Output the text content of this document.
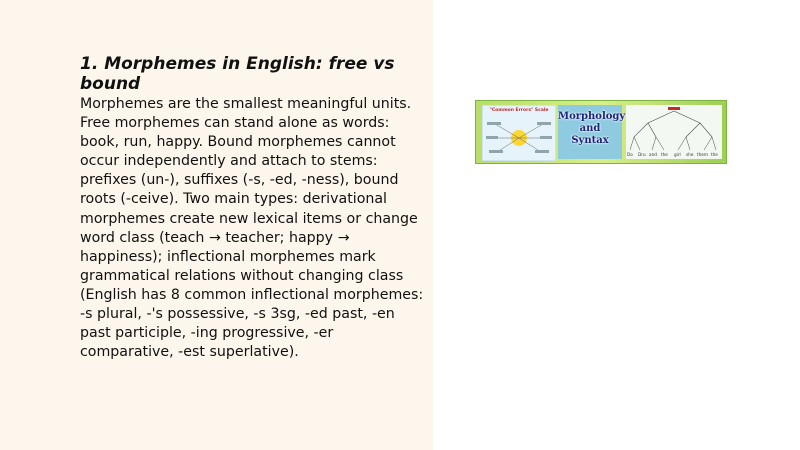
1. Morphemes in English: free vs bound

Morphemes are the smallest meaningful units. Free morphemes can stand alone as words: book, run, happy. Bound morphemes cannot occur independently and attach to stems: prefixes (un-), suffixes (-s, -ed, -ness), bound roots (-ceive). Two main types: derivational morphemes create new lexical items or change word class (teach → teacher; happy → happiness); inflectional morphemes mark grammatical relations without changing class (English has 8 common inflectional morphemes: -s plural, -'s possessive, -s 3sg, -ed past, -en past participle, -ing progressive, -er comparative, -est superlative).

"Common Errors" Scale
Morphology
and
Syntax
Do Dru and the girl she them the
